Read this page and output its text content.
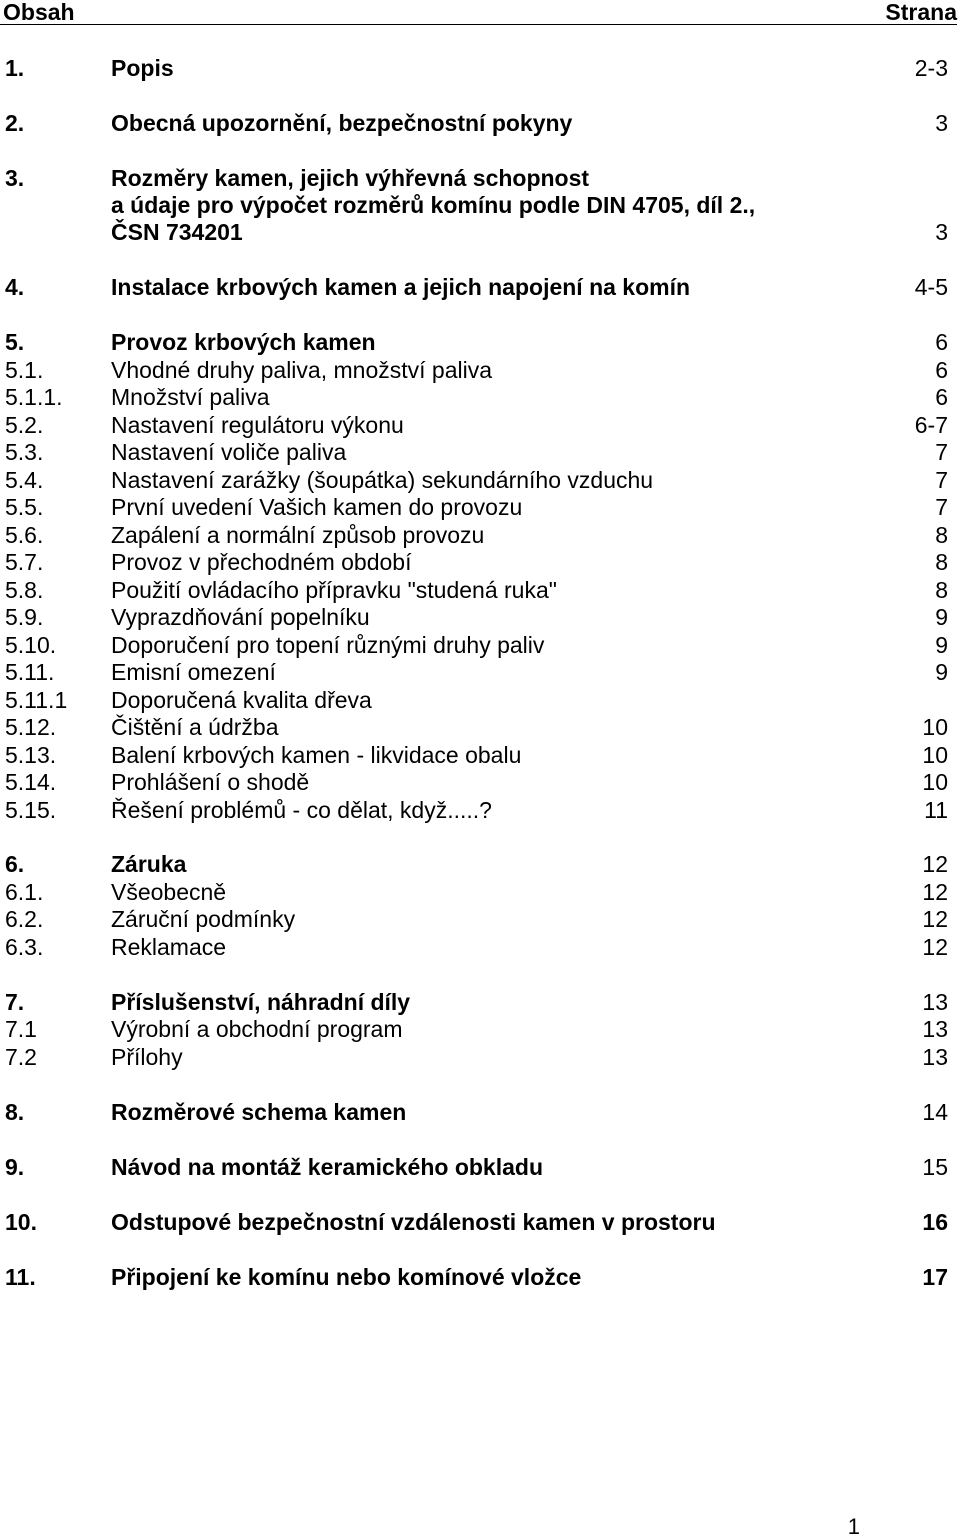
Obsah	Strana
1.	Popis	2-3
2.	Obecná upozornění, bezpečnostní pokyny	3
3.	Rozměry kamen, jejich výhřevná schopnost
a údaje pro výpočet rozměrů komínu podle DIN 4705, díl 2.,
ČSN 734201	3
4.	Instalace krbových kamen a jejich napojení na komín	4-5
5.	Provoz krbových kamen	6
5.1.	Vhodné druhy paliva, množství paliva	6
5.1.1. Množství paliva	6
5.2.	Nastavení regulátoru výkonu	6-7
5.3.	Nastavení voliče paliva	7
5.4.	Nastavení zarážky (šoupátka) sekundárního vzduchu	7
5.5.	První uvedení Vašich kamen do provozu	7
5.6.	Zapálení a normální způsob provozu	8
5.7.	Provoz v přechodném období	8
5.8.	Použití ovládacího přípravku "studená ruka"	8
5.9.	Vyprazdňování popelníku	9
5.10. Doporučení pro topení různými druhy paliv	9
5.11. Emisní omezení	9
5.11.1 Doporučená kvalita dřeva
5.12. Čištění a údržba	10
5.13. Balení krbových kamen - likvidace obalu	10
5.14. Prohlášení o shodě	10
5.15. Řešení problémů - co dělat, když.....?	11
6.	Záruka	12
6.1.	Všeobecně	12
6.2.	Záruční podmínky	12
6.3.	Reklamace	12
7.	Příslušenství, náhradní díly	13
7.1	Výrobní a obchodní program	13
7.2	Přílohy	13
8.	Rozměrové schema kamen	14
9.	Návod na montáž keramického obkladu	15
10.	Odstupové bezpečnostní vzdálenosti kamen v prostoru	16
11.	Připojení ke komínu nebo komínové vložce	17
1
